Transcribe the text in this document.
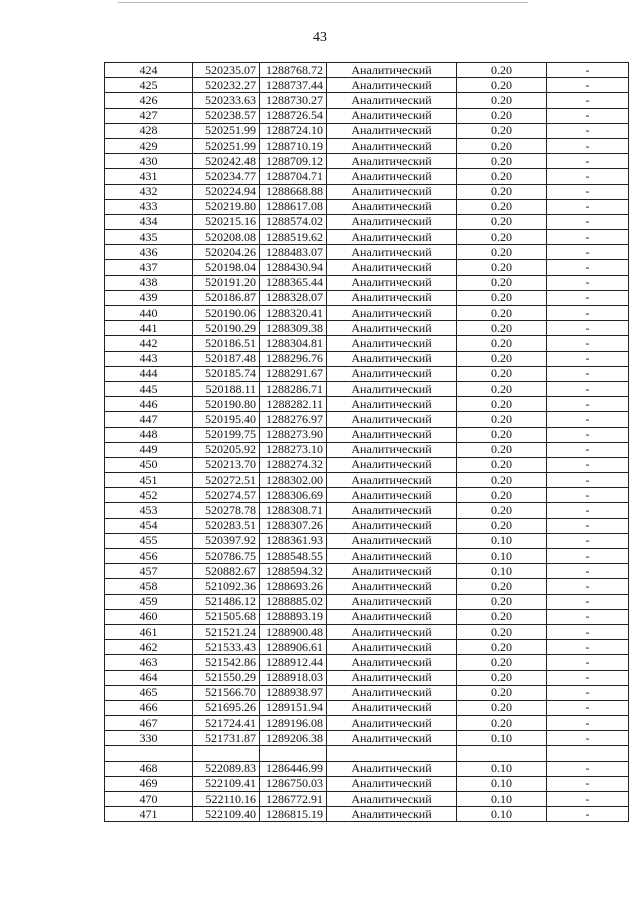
43
424	520235.07	1288768.72	Аналитический	0.20	-
425	520232.27	1288737.44	Аналитический	0.20	-
426	520233.63	1288730.27	Аналитический	0.20	-
427	520238.57	1288726.54	Аналитический	0.20	-
428	520251.99	1288724.10	Аналитический	0.20	-
429	520251.99	1288710.19	Аналитический	0.20	-
430	520242.48	1288709.12	Аналитический	0.20	-
431	520234.77	1288704.71	Аналитический	0.20	-
432	520224.94	1288668.88	Аналитический	0.20	-
433	520219.80	1288617.08	Аналитический	0.20	-
434	520215.16	1288574.02	Аналитический	0.20	-
435	520208.08	1288519.62	Аналитический	0.20	-
436	520204.26	1288483.07	Аналитический	0.20	-
437	520198.04	1288430.94	Аналитический	0.20	-
438	520191.20	1288365.44	Аналитический	0.20	-
439	520186.87	1288328.07	Аналитический	0.20	-
440	520190.06	1288320.41	Аналитический	0.20	-
441	520190.29	1288309.38	Аналитический	0.20	-
442	520186.51	1288304.81	Аналитический	0.20	-
443	520187.48	1288296.76	Аналитический	0.20	-
444	520185.74	1288291.67	Аналитический	0.20	-
445	520188.11	1288286.71	Аналитический	0.20	-
446	520190.80	1288282.11	Аналитический	0.20	-
447	520195.40	1288276.97	Аналитический	0.20	-
448	520199.75	1288273.90	Аналитический	0.20	-
449	520205.92	1288273.10	Аналитический	0.20	-
450	520213.70	1288274.32	Аналитический	0.20	-
451	520272.51	1288302.00	Аналитический	0.20	-
452	520274.57	1288306.69	Аналитический	0.20	-
453	520278.78	1288308.71	Аналитический	0.20	-
454	520283.51	1288307.26	Аналитический	0.20	-
455	520397.92	1288361.93	Аналитический	0.10	-
456	520786.75	1288548.55	Аналитический	0.10	-
457	520882.67	1288594.32	Аналитический	0.10	-
458	521092.36	1288693.26	Аналитический	0.20	-
459	521486.12	1288885.02	Аналитический	0.20	-
460	521505.68	1288893.19	Аналитический	0.20	-
461	521521.24	1288900.48	Аналитический	0.20	-
462	521533.43	1288906.61	Аналитический	0.20	-
463	521542.86	1288912.44	Аналитический	0.20	-
464	521550.29	1288918.03	Аналитический	0.20	-
465	521566.70	1288938.97	Аналитический	0.20	-
466	521695.26	1289151.94	Аналитический	0.20	-
467	521724.41	1289196.08	Аналитический	0.20	-
330	521731.87	1289206.38	Аналитический	0.10	-

468	522089.83	1286446.99	Аналитический	0.10	-
469	522109.41	1286750.03	Аналитический	0.10	-
470	522110.16	1286772.91	Аналитический	0.10	-
471	522109.40	1286815.19	Аналитический	0.10	-
